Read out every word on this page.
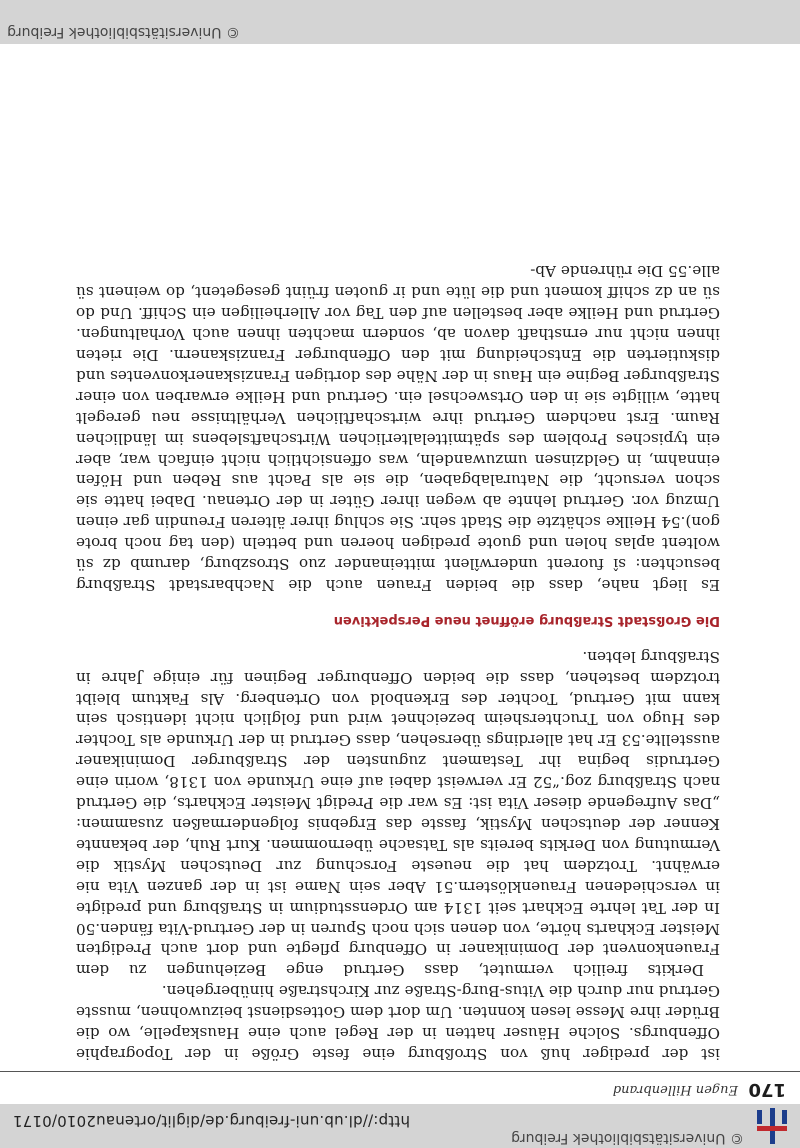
© Universitätsbibliothek Freiburg
http://dl.ub.uni-freiburg.de/diglit/ortenau2010/0171
170
Eugen Hillenbrand

ist der prediger huß von Stroßburg eine feste Größe in der Topographie Offenburgs. Solche Häuser hatten in der Regel auch eine Hauskapelle, wo die Brüder ihre Messe lesen konnten. Um dort dem Gottesdienst beizuwohnen, musste Gertrud nur durch die Vitus-Burg-Straße zur Kirchstraße hinübergehen.

Derkits freilich vermutet, dass Gertrud enge Beziehungen zu dem Frauenkonvent der Dominikaner in Offenburg pflegte und dort auch Predigten Meister Eckharts hörte, von denen sich noch Spuren in der Gertrud-Vita fänden.50 In der Tat lehrte Eckhart seit 1314 am Ordensstudium in Straßburg und predigte in verschiedenen Frauenklöstern.51 Aber sein Name ist in der ganzen Vita nie erwähnt. Trotzdem hat die neueste Forschung zur Deutschen Mystik die Vermutung von Derkits bereits als Tatsache übernommen. Kurt Ruh, der bekannte Kenner der deutschen Mystik, fasste das Ergebnis folgendermaßen zusammen: „Das Aufregende dieser Vita ist: Es war die Predigt Meister Eckharts, die Gertrud nach Straßburg zog.“52 Er verweist dabei auf eine Urkunde von 1318, worin eine Gertrudis begina ihr Testament zugunsten der Straßburger Dominikaner ausstellte.53 Er hat allerdings übersehen, dass Gertrud in der Urkunde als Tochter des Hugo von Truchtersheim bezeichnet wird und folglich nicht identisch sein kann mit Gertrud, Tochter des Erkenbold von Ortenberg. Als Faktum bleibt trotzdem bestehen, dass die beiden Offenburger Beginen für einige Jahre in Straßburg lebten.

Die Großstadt Straßburg eröffnet neue Perspektiven

Es liegt nahe, dass die beiden Frauen auch die Nachbarstadt Straßburg besuchten: sî fuorent underwîlent mitteinander zuo Stroszburg, darumb dz sü woltent aplas holen und guote predigen hoeren und betteln (den tag noch brote gon).54 Heilke schätzte die Stadt sehr. Sie schlug ihrer älteren Freundin gar einen Umzug vor. Gertrud lehnte ab wegen ihrer Güter in der Ortenau. Dabei hatte sie schon versucht, die Naturalabgaben, die sie als Pacht aus Reben und Höfen einnahm, in Geldzinsen umzuwandeln, was offensichtlich nicht einfach war, aber ein typisches Problem des spätmittelalterlichen Wirtschaftslebens im ländlichen Raum. Erst nachdem Gertrud ihre wirtschaftlichen Verhältnisse neu geregelt hatte, willigte sie in den Ortswechsel ein. Gertrud und Heilke erwarben von einer Straßburger Begine ein Haus in der Nähe des dortigen Franziskanerkonventes und diskutierten die Entscheidung mit den Offenburger Franziskanern. Die rieten ihnen nicht nur ernsthaft davon ab, sondern machten ihnen auch Vorhaltungen. Gertrud und Heilke aber bestellen auf den Tag vor Allerheiligen ein Schiff. Und do sü an dz schiff koment und die lüte und ir guoten früint gesegetent, do weinent sü alle.55 Die rührende Ab-

© Universitätsbibliothek Freiburg
